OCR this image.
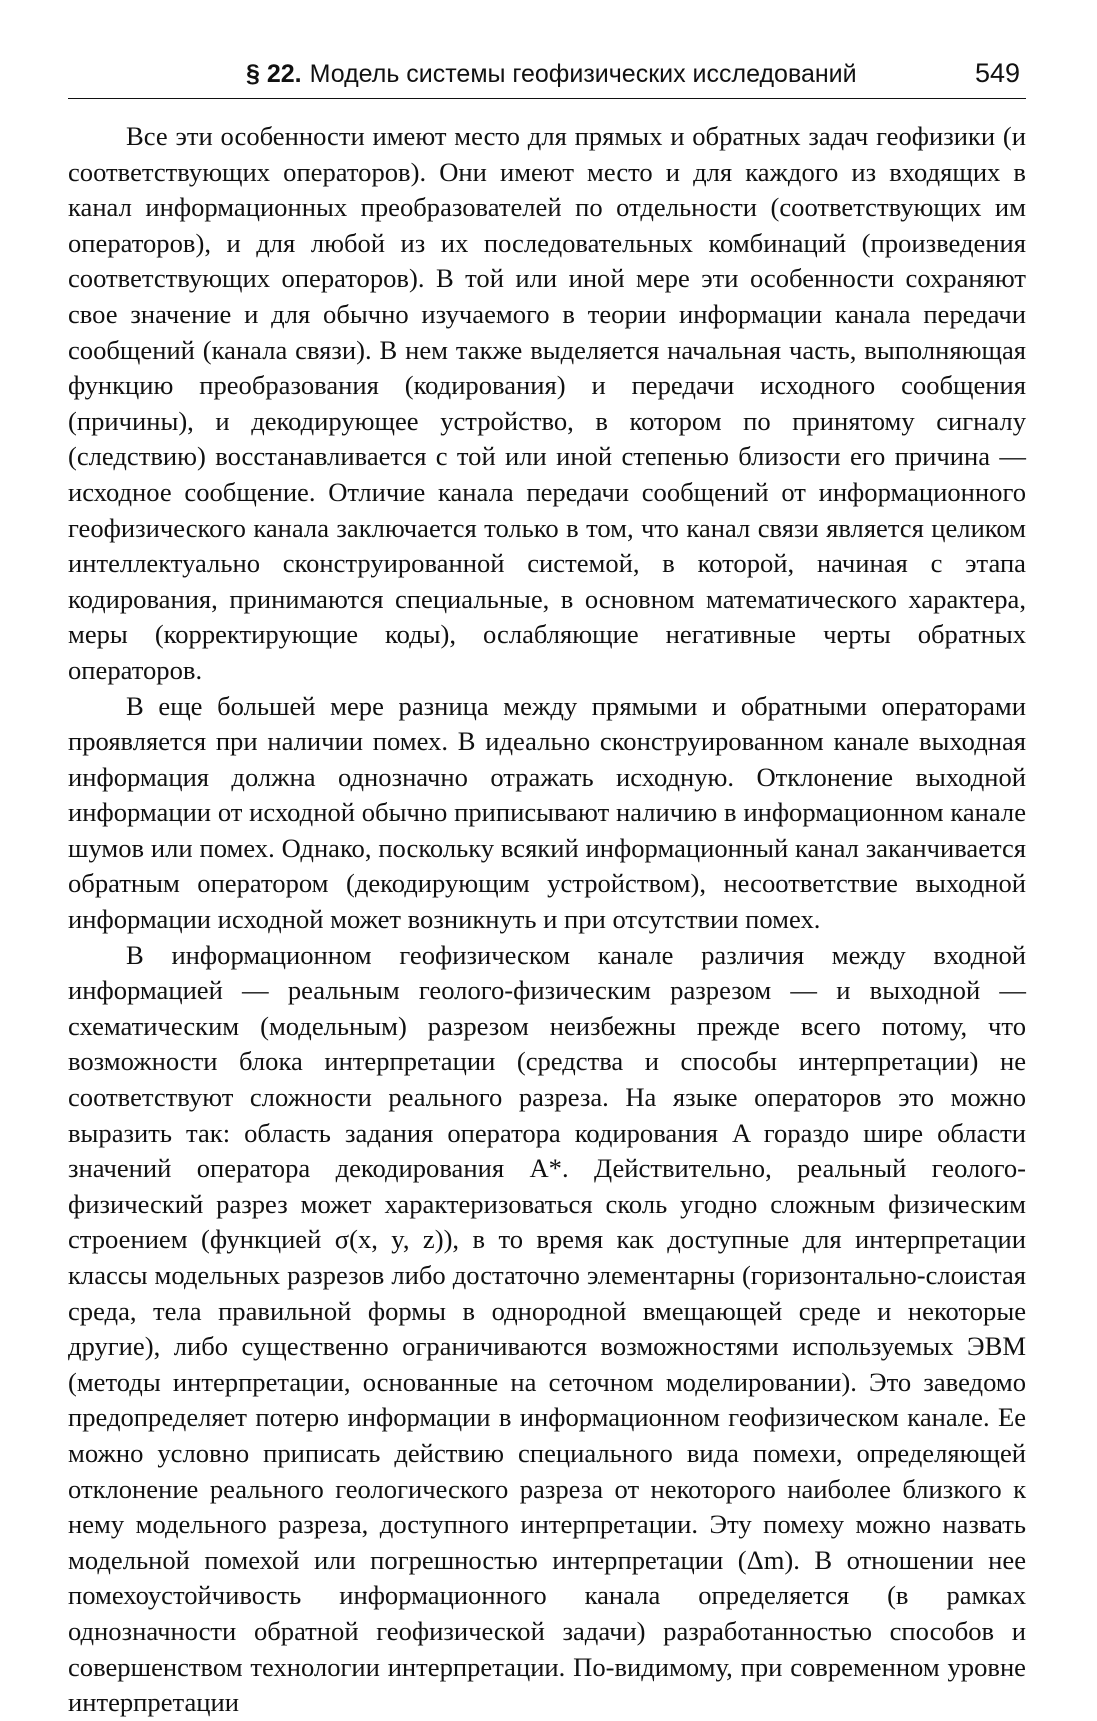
§ 22. Модель системы геофизических исследований	549

Все эти особенности имеют место для прямых и обратных задач геофизики (и соответствующих операторов). Они имеют место и для каждого из входящих в канал информационных преобразователей по отдельности (соответствующих им операторов), и для любой из их последовательных комбинаций (произведения соответствующих операторов). В той или иной мере эти особенности сохраняют свое значение и для обычно изучаемого в теории информации канала передачи сообщений (канала связи). В нем также выделяется начальная часть, выполняющая функцию преобразования (кодирования) и передачи исходного сообщения (причины), и декодирующее устройство, в котором по принятому сигналу (следствию) восстанавливается с той или иной степенью близости его причина — исходное сообщение. Отличие канала передачи сообщений от информационного геофизического канала заключается только в том, что канал связи является целиком интеллектуально сконструированной системой, в которой, начиная с этапа кодирования, принимаются специальные, в основном математического характера, меры (корректирующие коды), ослабляющие негативные черты обратных операторов.

В еще большей мере разница между прямыми и обратными операторами проявляется при наличии помех. В идеально сконструированном канале выходная информация должна однозначно отражать исходную. Отклонение выходной информации от исходной обычно приписывают наличию в информационном канале шумов или помех. Однако, поскольку всякий информационный канал заканчивается обратным оператором (декодирующим устройством), несоответствие выходной информации исходной может возникнуть и при отсутствии помех.

В информационном геофизическом канале различия между входной информацией — реальным геолого-физическим разрезом — и выходной — схематическим (модельным) разрезом неизбежны прежде всего потому, что возможности блока интерпретации (средства и способы интерпретации) не соответствуют сложности реального разреза. На языке операторов это можно выразить так: область задания оператора кодирования A гораздо шире области значений оператора декодирования A*. Действительно, реальный геолого-физический разрез может характеризоваться сколь угодно сложным физическим строением (функцией σ(x, y, z)), в то время как доступные для интерпретации классы модельных разрезов либо достаточно элементарны (горизонтально-слоистая среда, тела правильной формы в однородной вмещающей среде и некоторые другие), либо существенно ограничиваются возможностями используемых ЭВМ (методы интерпретации, основанные на сеточном моделировании). Это заведомо предопределяет потерю информации в информационном геофизическом канале. Ее можно условно приписать действию специального вида помехи, определяющей отклонение реального геологического разреза от некоторого наиболее близкого к нему модельного разреза, доступного интерпретации. Эту помеху можно назвать модельной помехой или погрешностью интерпретации (Δm). В отношении нее помехоустойчивость информационного канала определяется (в рамках однозначности обратной геофизической задачи) разработанностью способов и совершенством технологии интерпретации. По-видимому, при современном уровне интерпретации
